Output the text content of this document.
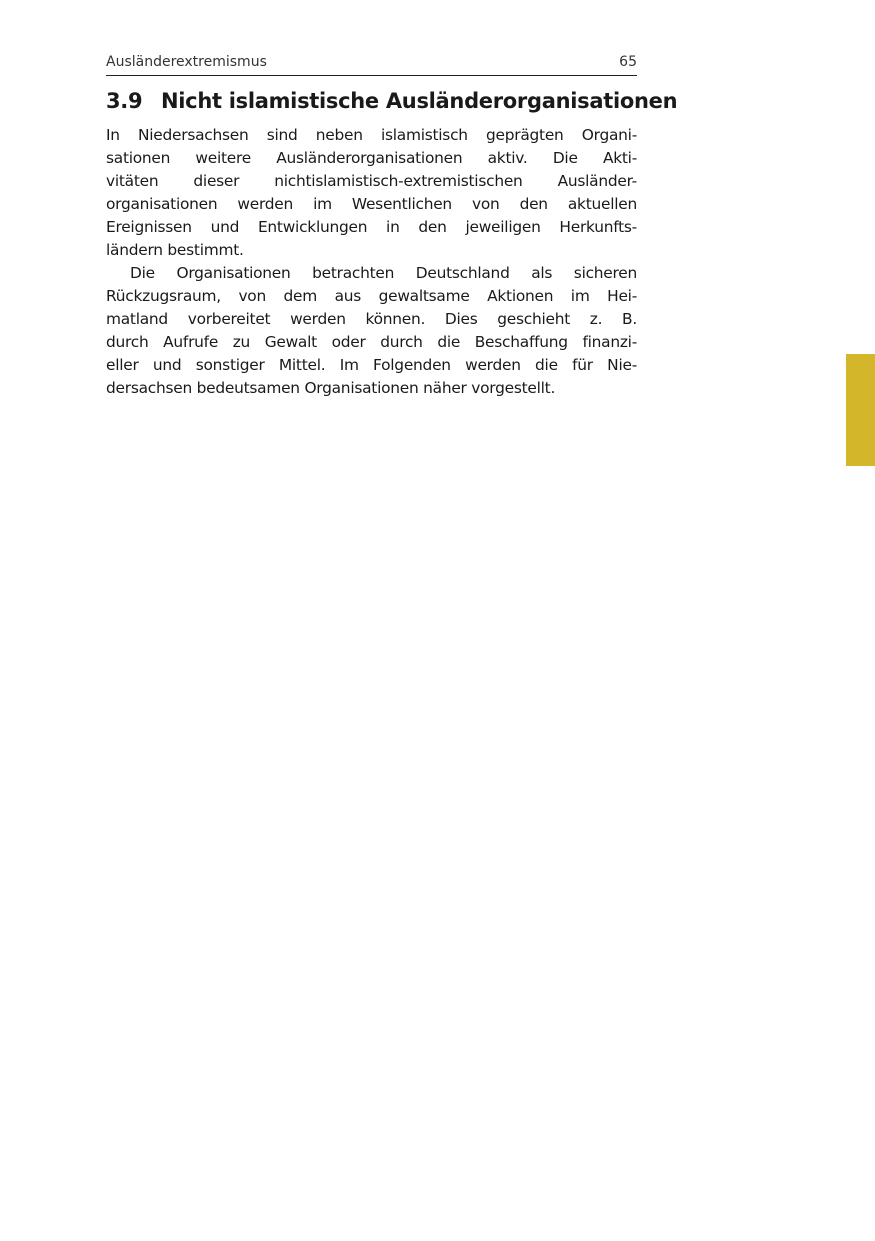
Ausländerextremismus	65
3.9 Nicht islamistische Ausländerorganisationen
In Niedersachsen sind neben islamistisch geprägten Organi-
sationen weitere Ausländerorganisationen aktiv. Die Akti-
vitäten dieser nichtislamistisch-extremistischen Ausländer-
organisationen werden im Wesentlichen von den aktuellen
Ereignissen und Entwicklungen in den jeweiligen Herkunfts-
ländern bestimmt.
Die Organisationen betrachten Deutschland als sicheren
Rückzugsraum, von dem aus gewaltsame Aktionen im Hei-
matland vorbereitet werden können. Dies geschieht z. B.
durch Aufrufe zu Gewalt oder durch die Beschaffung finanzi-
eller und sonstiger Mittel. Im Folgenden werden die für Nie-
dersachsen bedeutsamen Organisationen näher vorgestellt.
